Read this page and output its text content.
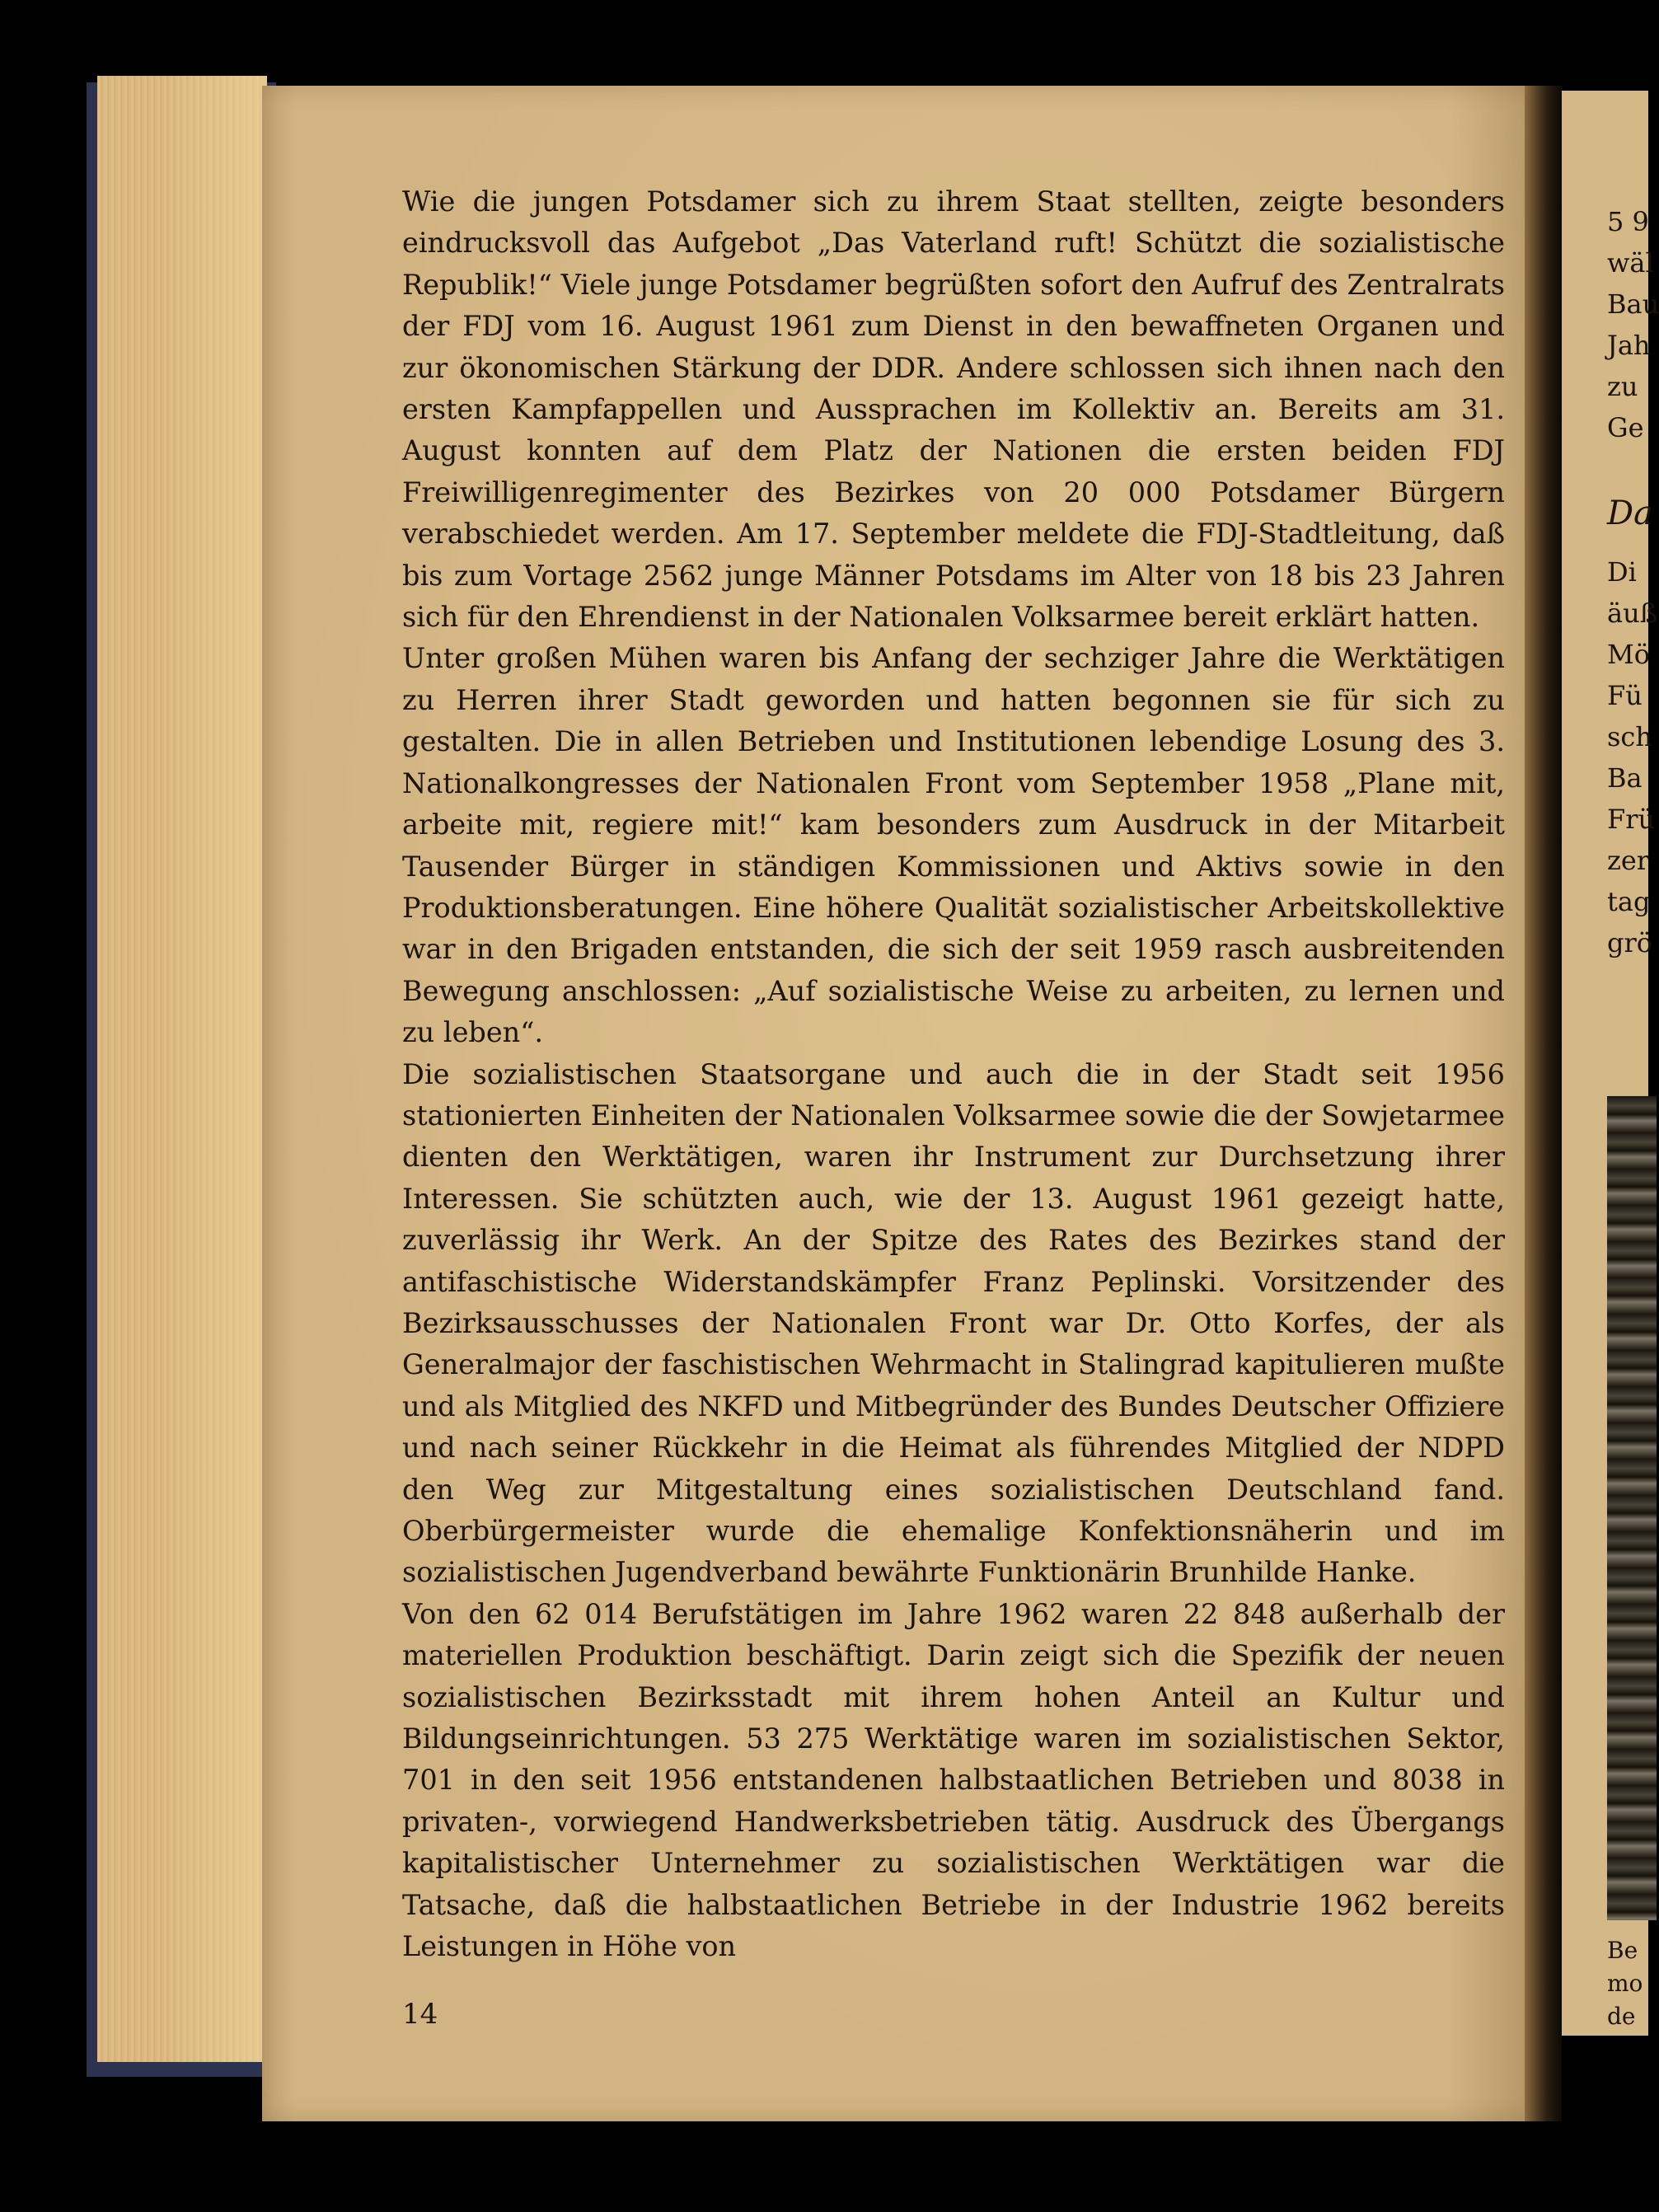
Wie die jungen Potsdamer sich zu ihrem Staat stellten, zeigte besonders eindrucksvoll das Aufgebot „Das Vaterland ruft! Schützt die sozialistische Republik!“ Viele junge Potsdamer begrüßten sofort den Aufruf des Zentralrats der FDJ vom 16. August 1961 zum Dienst in den bewaffneten Organen und zur ökonomischen Stärkung der DDR. Andere schlossen sich ihnen nach den ersten Kampfappellen und Aussprachen im Kollektiv an. Bereits am 31. August konnten auf dem Platz der Nationen die ersten beiden FDJ Freiwilligenregimenter des Bezirkes von 20 000 Potsdamer Bürgern verabschiedet werden. Am 17. September meldete die FDJ-Stadtleitung, daß bis zum Vortage 2562 junge Männer Potsdams im Alter von 18 bis 23 Jahren sich für den Ehrendienst in der Nationalen Volksarmee bereit erklärt hatten.

Unter großen Mühen waren bis Anfang der sechziger Jahre die Werktätigen zu Herren ihrer Stadt geworden und hatten begonnen sie für sich zu gestalten. Die in allen Betrieben und Institutionen lebendige Losung des 3. Nationalkongresses der Nationalen Front vom September 1958 „Plane mit, arbeite mit, regiere mit!“ kam besonders zum Ausdruck in der Mitarbeit Tausender Bürger in ständigen Kommissionen und Aktivs sowie in den Produktionsberatungen. Eine höhere Qualität sozialistischer Arbeitskollektive war in den Brigaden entstanden, die sich der seit 1959 rasch ausbreitenden Bewegung anschlossen: „Auf sozialistische Weise zu arbeiten, zu lernen und zu leben“.

Die sozialistischen Staatsorgane und auch die in der Stadt seit 1956 stationierten Einheiten der Nationalen Volksarmee sowie die der Sowjetarmee dienten den Werktätigen, waren ihr Instrument zur Durchsetzung ihrer Interessen. Sie schützten auch, wie der 13. August 1961 gezeigt hatte, zuverlässig ihr Werk. An der Spitze des Rates des Bezirkes stand der antifaschistische Widerstandskämpfer Franz Peplinski. Vorsitzender des Bezirksausschusses der Nationalen Front war Dr. Otto Korfes, der als Generalmajor der faschistischen Wehrmacht in Stalingrad kapitulieren mußte und als Mitglied des NKFD und Mitbegründer des Bundes Deutscher Offiziere und nach seiner Rückkehr in die Heimat als führendes Mitglied der NDPD den Weg zur Mitgestaltung eines sozialistischen Deutschland fand. Oberbürgermeister wurde die ehemalige Konfektionsnäherin und im sozialistischen Jugendverband bewährte Funktionärin Brunhilde Hanke.

Von den 62 014 Berufstätigen im Jahre 1962 waren 22 848 außerhalb der materiellen Produktion beschäftigt. Darin zeigt sich die Spezifik der neuen sozialistischen Bezirksstadt mit ihrem hohen Anteil an Kultur und Bildungseinrichtungen. 53 275 Werktätige waren im sozialistischen Sektor, 701 in den seit 1956 entstandenen halbstaatlichen Betrieben und 8038 in privaten-, vorwiegend Handwerksbetrieben tätig. Ausdruck des Übergangs kapitalistischer Unternehmer zu sozialistischen Werktätigen war die Tatsache, daß die halbstaatlichen Betriebe in der Industrie 1962 bereits Leistungen in Höhe von

14
5 9
wäl
Bau
Jah
zu
Ge
Da
Di
äuß
Mö
Fü
sch
Ba
Frü
zer
tag
grö
Be
mo
de
